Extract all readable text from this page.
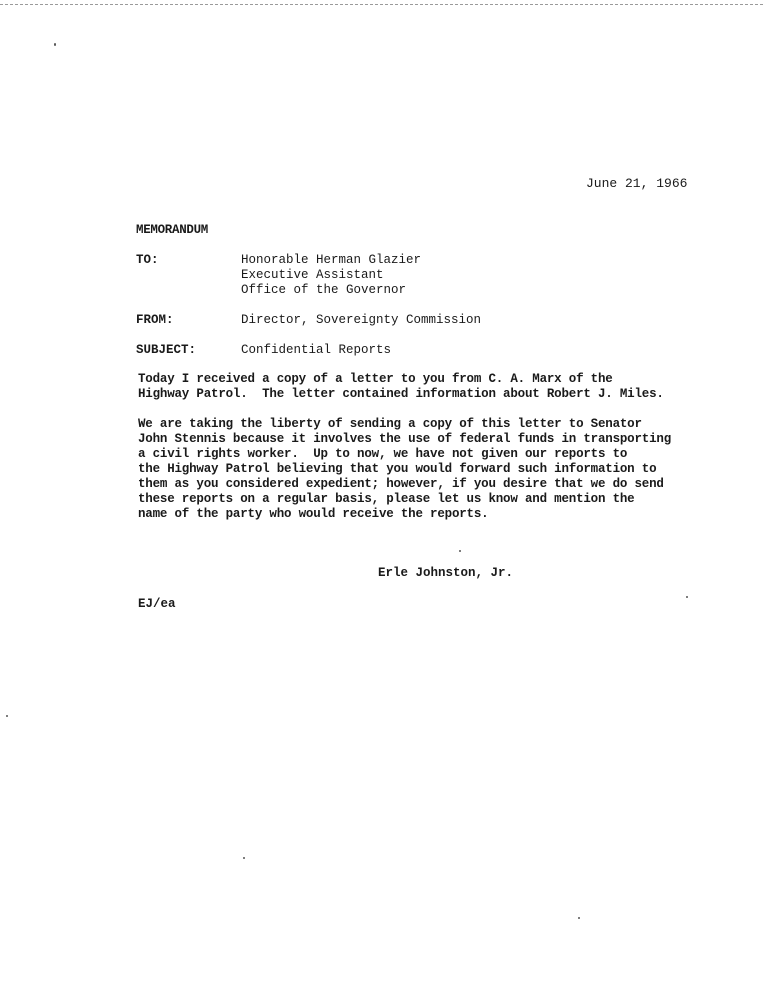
June 21, 1966
MEMORANDUM
TO:	Honorable Herman Glazier
Executive Assistant
Office of the Governor
FROM:	Director, Sovereignty Commission
SUBJECT:	Confidential Reports
Today I received a copy of a letter to you from C. A. Marx of the
Highway Patrol.  The letter contained information about Robert J. Miles.
We are taking the liberty of sending a copy of this letter to Senator
John Stennis because it involves the use of federal funds in transporting
a civil rights worker.  Up to now, we have not given our reports to
the Highway Patrol believing that you would forward such information to
them as you considered expedient; however, if you desire that we do send
these reports on a regular basis, please let us know and mention the
name of the party who would receive the reports.
Erle Johnston, Jr.
EJ/ea
